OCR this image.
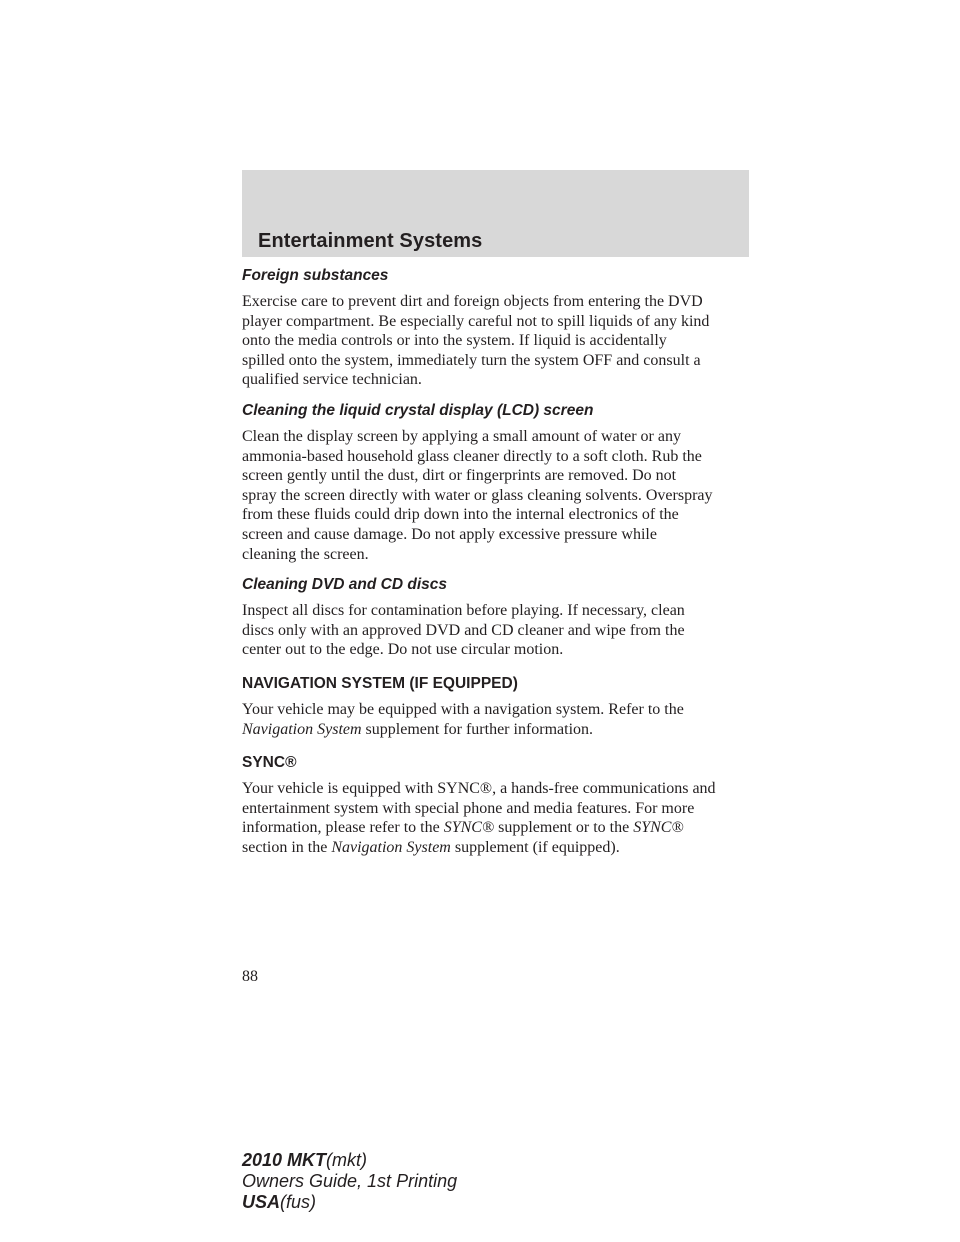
Entertainment Systems
Foreign substances

Exercise care to prevent dirt and foreign objects from entering the DVD
player compartment. Be especially careful not to spill liquids of any kind
onto the media controls or into the system. If liquid is accidentally
spilled onto the system, immediately turn the system OFF and consult a
qualified service technician.

Cleaning the liquid crystal display (LCD) screen

Clean the display screen by applying a small amount of water or any
ammonia-based household glass cleaner directly to a soft cloth. Rub the
screen gently until the dust, dirt or fingerprints are removed. Do not
spray the screen directly with water or glass cleaning solvents. Overspray
from these fluids could drip down into the internal electronics of the
screen and cause damage. Do not apply excessive pressure while
cleaning the screen.

Cleaning DVD and CD discs

Inspect all discs for contamination before playing. If necessary, clean
discs only with an approved DVD and CD cleaner and wipe from the
center out to the edge. Do not use circular motion.

NAVIGATION SYSTEM (IF EQUIPPED)

Your vehicle may be equipped with a navigation system. Refer to the
Navigation System supplement for further information.

SYNC®

Your vehicle is equipped with SYNC®, a hands-free communications and
entertainment system with special phone and media features. For more
information, please refer to the SYNC® supplement or to the SYNC®
section in the Navigation System supplement (if equipped).

88
2010 MKT(mkt)
Owners Guide, 1st Printing
USA(fus)
